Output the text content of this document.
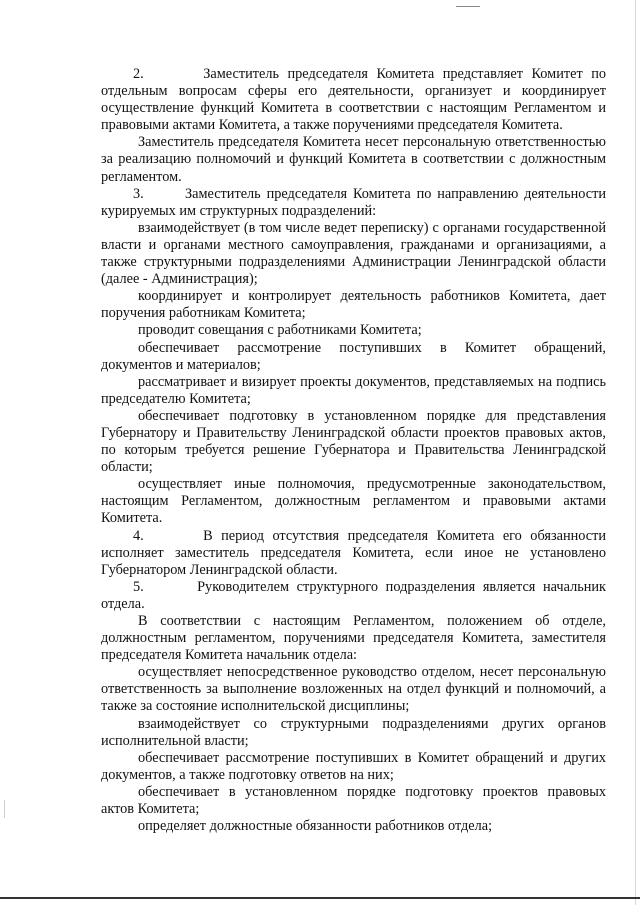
2.       Заместитель председателя Комитета представляет Комитет по отдельным вопросам сферы его деятельности, организует и координирует осуществление функций Комитета в соответствии с настоящим Регламентом и правовыми актами Комитета, а также поручениями председателя Комитета.

Заместитель председателя Комитета несет персональную ответственностью за реализацию полномочий и функций Комитета в соответствии с должностным регламентом.

3.       Заместитель председателя Комитета по направлению деятельности курируемых им структурных подразделений:

взаимодействует (в том числе ведет переписку) с органами государственной власти и органами местного самоуправления, гражданами и организациями, а также структурными подразделениями Администрации Ленинградской области (далее - Администрация);

координирует и контролирует деятельность работников Комитета, дает поручения работникам Комитета;

проводит совещания с работниками Комитета;

обеспечивает рассмотрение поступивших в Комитет обращений, документов и материалов;

рассматривает и визирует проекты документов, представляемых на подпись председателю Комитета;

обеспечивает подготовку в установленном порядке для представления Губернатору и Правительству Ленинградской области проектов правовых актов, по которым требуется решение Губернатора и Правительства Ленинградской области;

осуществляет иные полномочия, предусмотренные законодательством, настоящим Регламентом, должностным регламентом и правовыми актами Комитета.

4.       В период отсутствия председателя Комитета его обязанности исполняет заместитель председателя Комитета, если иное не установлено Губернатором Ленинградской области.

5.       Руководителем структурного подразделения является начальник отдела.

В соответствии с настоящим Регламентом, положением об отделе, должностным регламентом, поручениями председателя Комитета, заместителя председателя Комитета начальник отдела:

осуществляет непосредственное руководство отделом, несет персональную ответственность за выполнение возложенных на отдел функций и полномочий, а также за состояние исполнительской дисциплины;

взаимодействует со структурными подразделениями других органов исполнительной власти;

обеспечивает рассмотрение поступивших в Комитет обращений и других документов, а также подготовку ответов на них;

обеспечивает в установленном порядке подготовку проектов правовых актов Комитета;

определяет должностные обязанности работников отдела;
